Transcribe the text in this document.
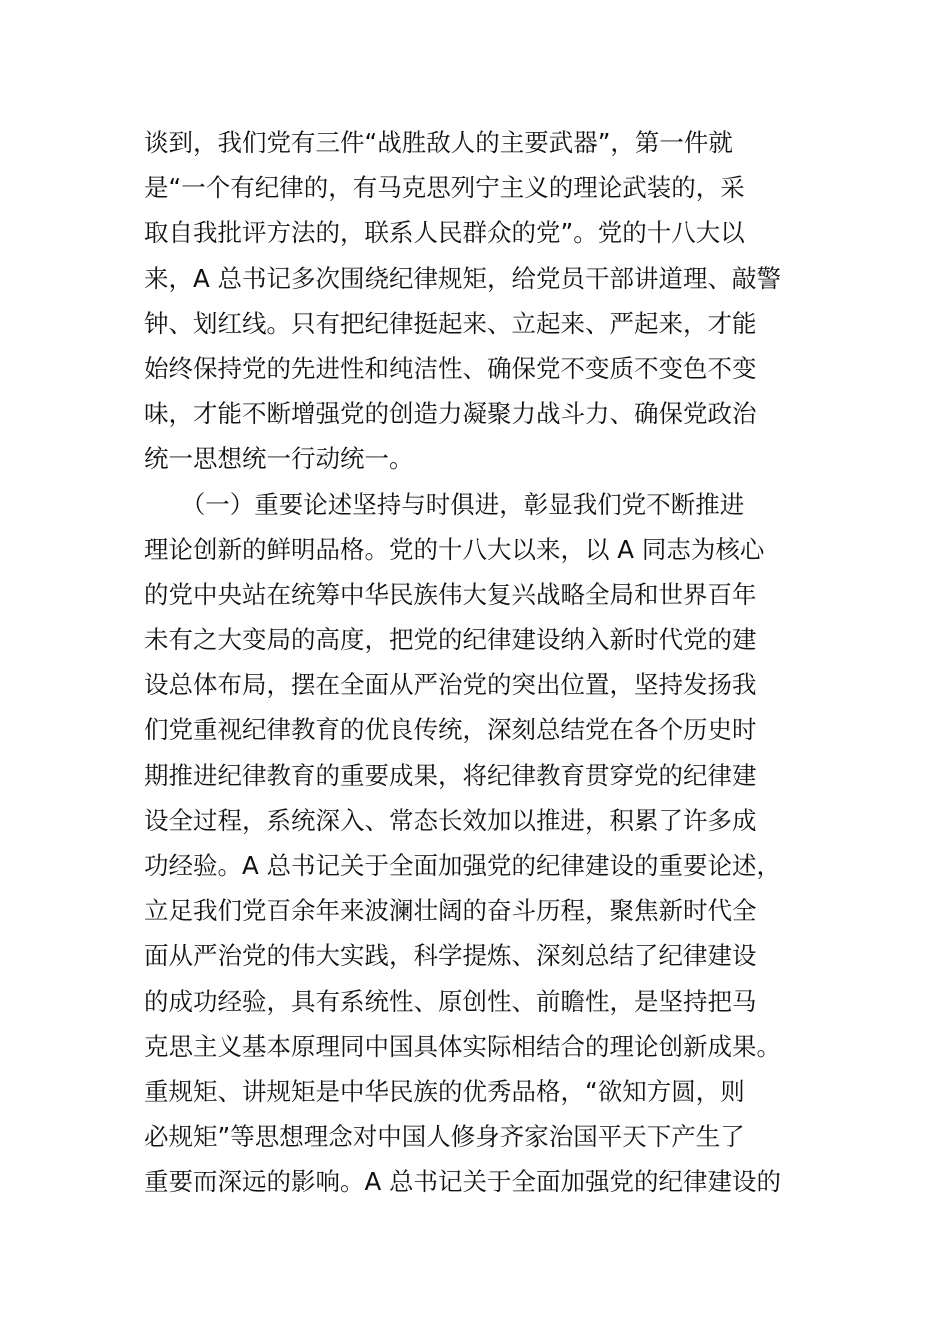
谈到，我们党有三件“战胜敌人的主要武器”，第一件就
是“一个有纪律的，有马克思列宁主义的理论武装的，采
取自我批评方法的，联系人民群众的党”。党的十八大以
来，A 总书记多次围绕纪律规矩，给党员干部讲道理、敲警
钟、划红线。只有把纪律挺起来、立起来、严起来，才能
始终保持党的先进性和纯洁性、确保党不变质不变色不变
味，才能不断增强党的创造力凝聚力战斗力、确保党政治
统一思想统一行动统一。
　　（一）重要论述坚持与时俱进，彰显我们党不断推进
理论创新的鲜明品格。党的十八大以来，以 A 同志为核心
的党中央站在统筹中华民族伟大复兴战略全局和世界百年
未有之大变局的高度，把党的纪律建设纳入新时代党的建
设总体布局，摆在全面从严治党的突出位置，坚持发扬我
们党重视纪律教育的优良传统，深刻总结党在各个历史时
期推进纪律教育的重要成果，将纪律教育贯穿党的纪律建
设全过程，系统深入、常态长效加以推进，积累了许多成
功经验。A 总书记关于全面加强党的纪律建设的重要论述，
立足我们党百余年来波澜壮阔的奋斗历程，聚焦新时代全
面从严治党的伟大实践，科学提炼、深刻总结了纪律建设
的成功经验，具有系统性、原创性、前瞻性，是坚持把马
克思主义基本原理同中国具体实际相结合的理论创新成果。
重规矩、讲规矩是中华民族的优秀品格，“欲知方圆，则
必规矩”等思想理念对中国人修身齐家治国平天下产生了
重要而深远的影响。A 总书记关于全面加强党的纪律建设的
